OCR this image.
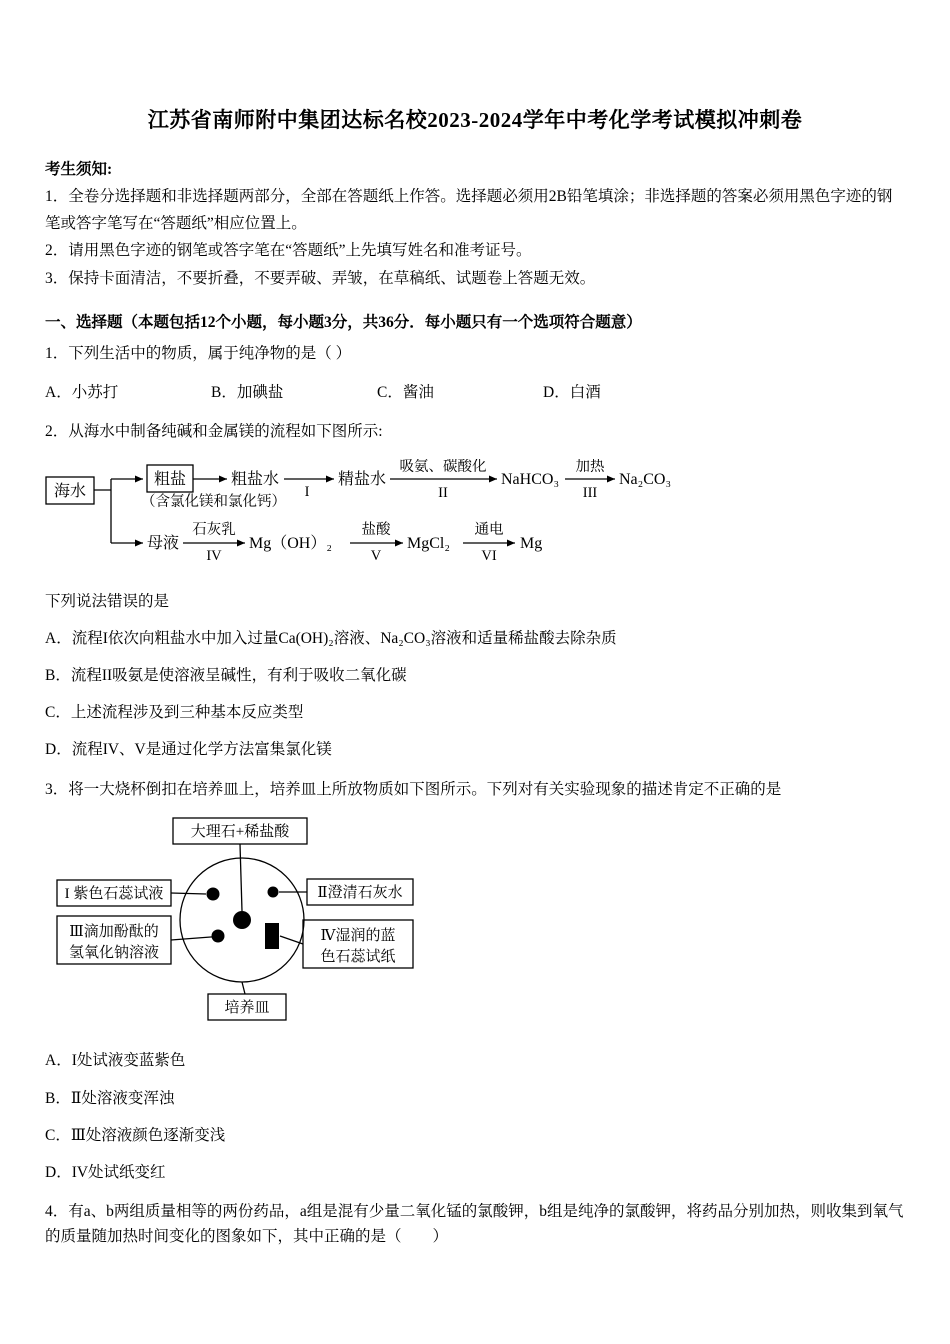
江苏省南师附中集团达标名校2023-2024学年中考化学考试模拟冲刺卷
考生须知:

1．全卷分选择题和非选择题两部分，全部在答题纸上作答。选择题必须用2B铅笔填涂；非选择题的答案必须用黑色字迹的钢笔或答字笔写在“答题纸”相应位置上。

2．请用黑色字迹的钢笔或答字笔在“答题纸”上先填写姓名和准考证号。

3．保持卡面清洁，不要折叠，不要弄破、弄皱，在草稿纸、试题卷上答题无效。

一、选择题（本题包括12个小题，每小题3分，共36分．每小题只有一个选项符合题意）

1．下列生活中的物质，属于纯净物的是（ ）

A．小苏打	B．加碘盐	C．酱油	D．白酒

2．从海水中制备纯碱和金属镁的流程如下图所示:

海水
粗盐	粗盐水
（含氯化镁和氯化钙）
I
精盐水
吸氨、碳酸化
II
NaHCO₃
加热
III
Na₂CO₃
母液
石灰乳
IV
Mg（OH）₂
盐酸
V
MgCl₂
通电
VI
Mg

下列说法错误的是

A．流程I依次向粗盐水中加入过量Ca(OH)₂溶液、Na₂CO₃溶液和适量稀盐酸去除杂质

B．流程II吸氨是使溶液呈碱性，有利于吸收二氧化碳

C．上述流程涉及到三种基本反应类型

D．流程IV、V是通过化学方法富集氯化镁

3．将一大烧杯倒扣在培养皿上，培养皿上所放物质如下图所示。下列对有关实验现象的描述肯定不正确的是

大理石+稀盐酸
I 紫色石蕊试液	Ⅱ澄清石灰水
Ⅲ滴加酚酞的
氢氧化钠溶液
Ⅳ湿润的蓝
色石蕊试纸
培养皿

A．I处试液变蓝紫色

B．Ⅱ处溶液变浑浊

C．Ⅲ处溶液颜色逐渐变浅

D．IV处试纸变红

4．有a、b两组质量相等的两份药品，a组是混有少量二氧化锰的氯酸钾，b组是纯净的氯酸钾，将药品分别加热，则收集到氧气的质量随加热时间变化的图象如下，其中正确的是（　　）
